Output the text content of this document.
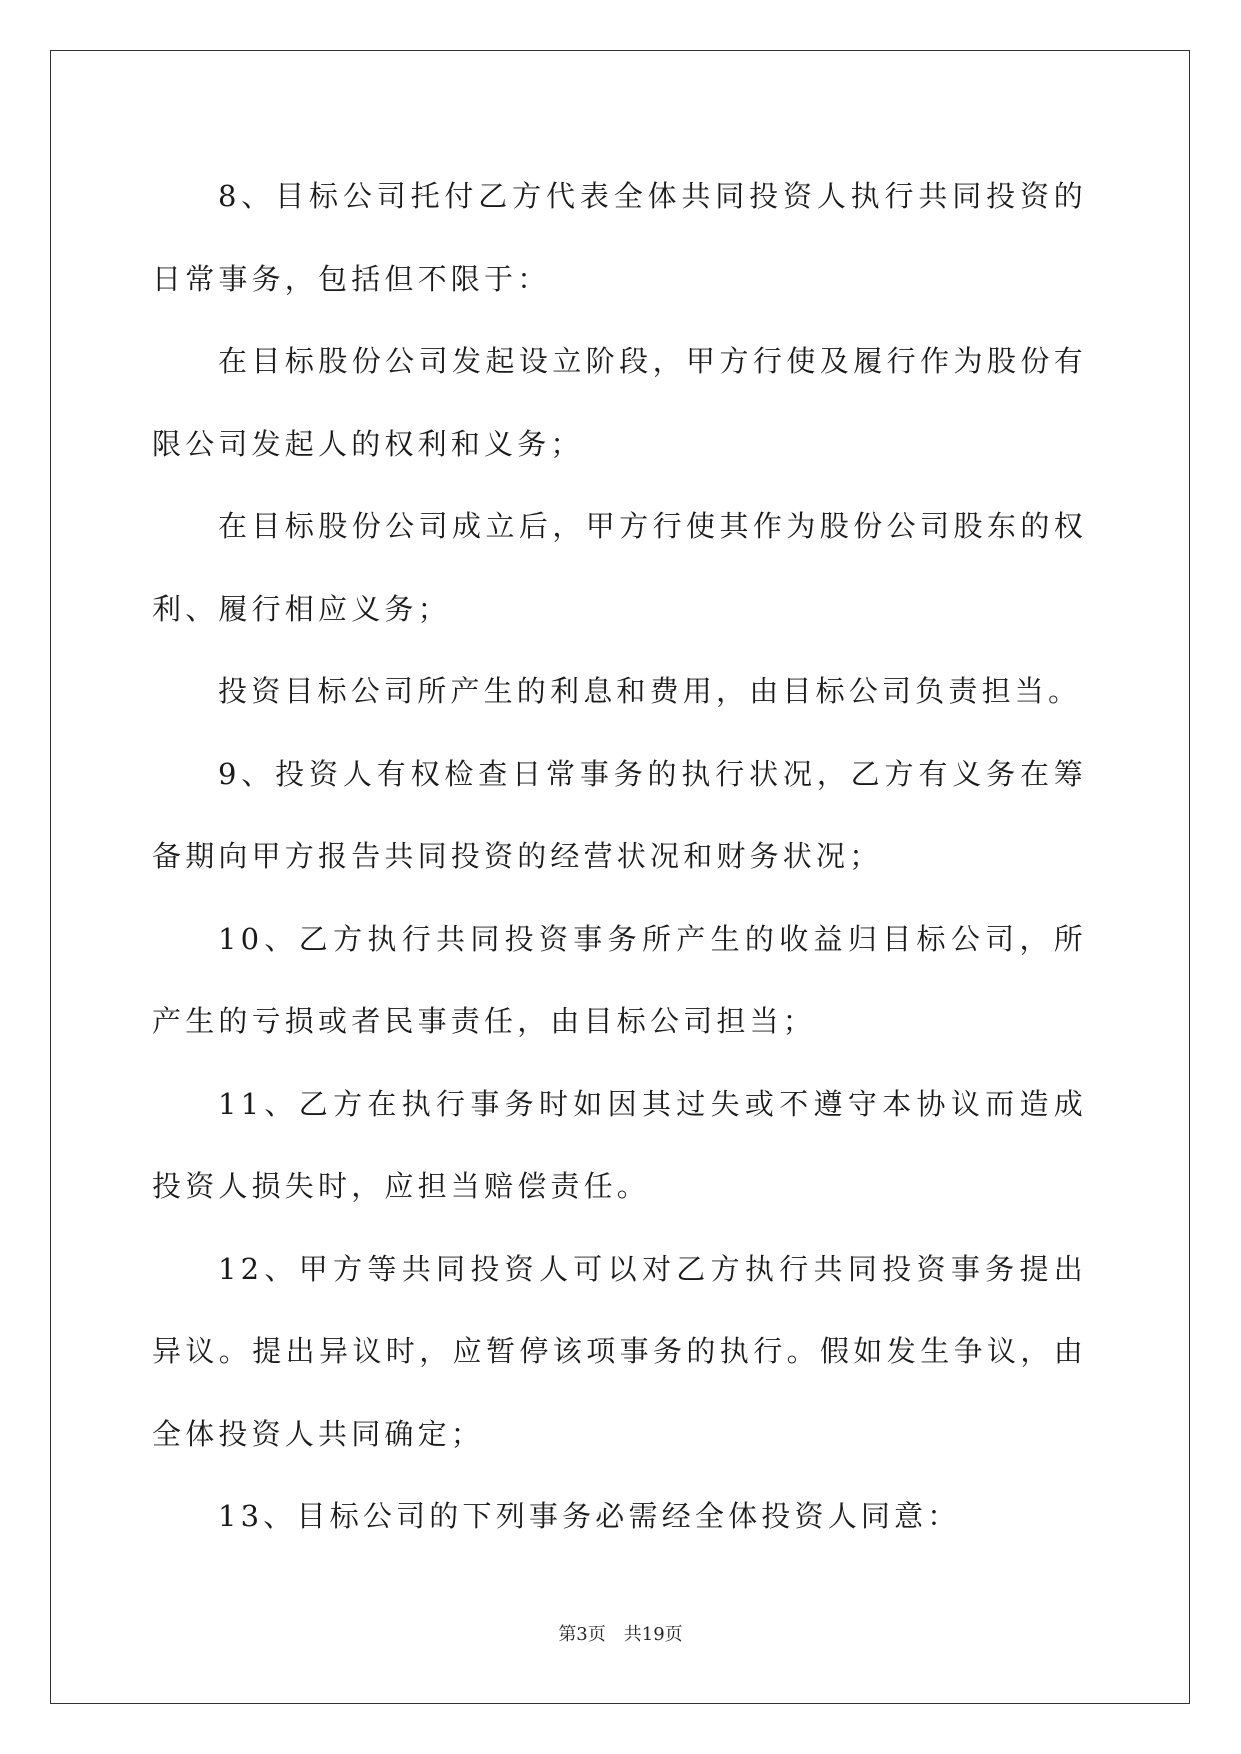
8、目标公司托付乙方代表全体共同投资人执行共同投资的日常事务，包括但不限于：

在目标股份公司发起设立阶段，甲方行使及履行作为股份有限公司发起人的权利和义务；

在目标股份公司成立后，甲方行使其作为股份公司股东的权利、履行相应义务；

投资目标公司所产生的利息和费用，由目标公司负责担当。

9、投资人有权检查日常事务的执行状况，乙方有义务在筹备期向甲方报告共同投资的经营状况和财务状况；

10、乙方执行共同投资事务所产生的收益归目标公司，所产生的亏损或者民事责任，由目标公司担当；

11、乙方在执行事务时如因其过失或不遵守本协议而造成投资人损失时，应担当赔偿责任。

12、甲方等共同投资人可以对乙方执行共同投资事务提出异议。提出异议时，应暂停该项事务的执行。假如发生争议，由全体投资人共同确定；

13、目标公司的下列事务必需经全体投资人同意：

第3页 共19页
